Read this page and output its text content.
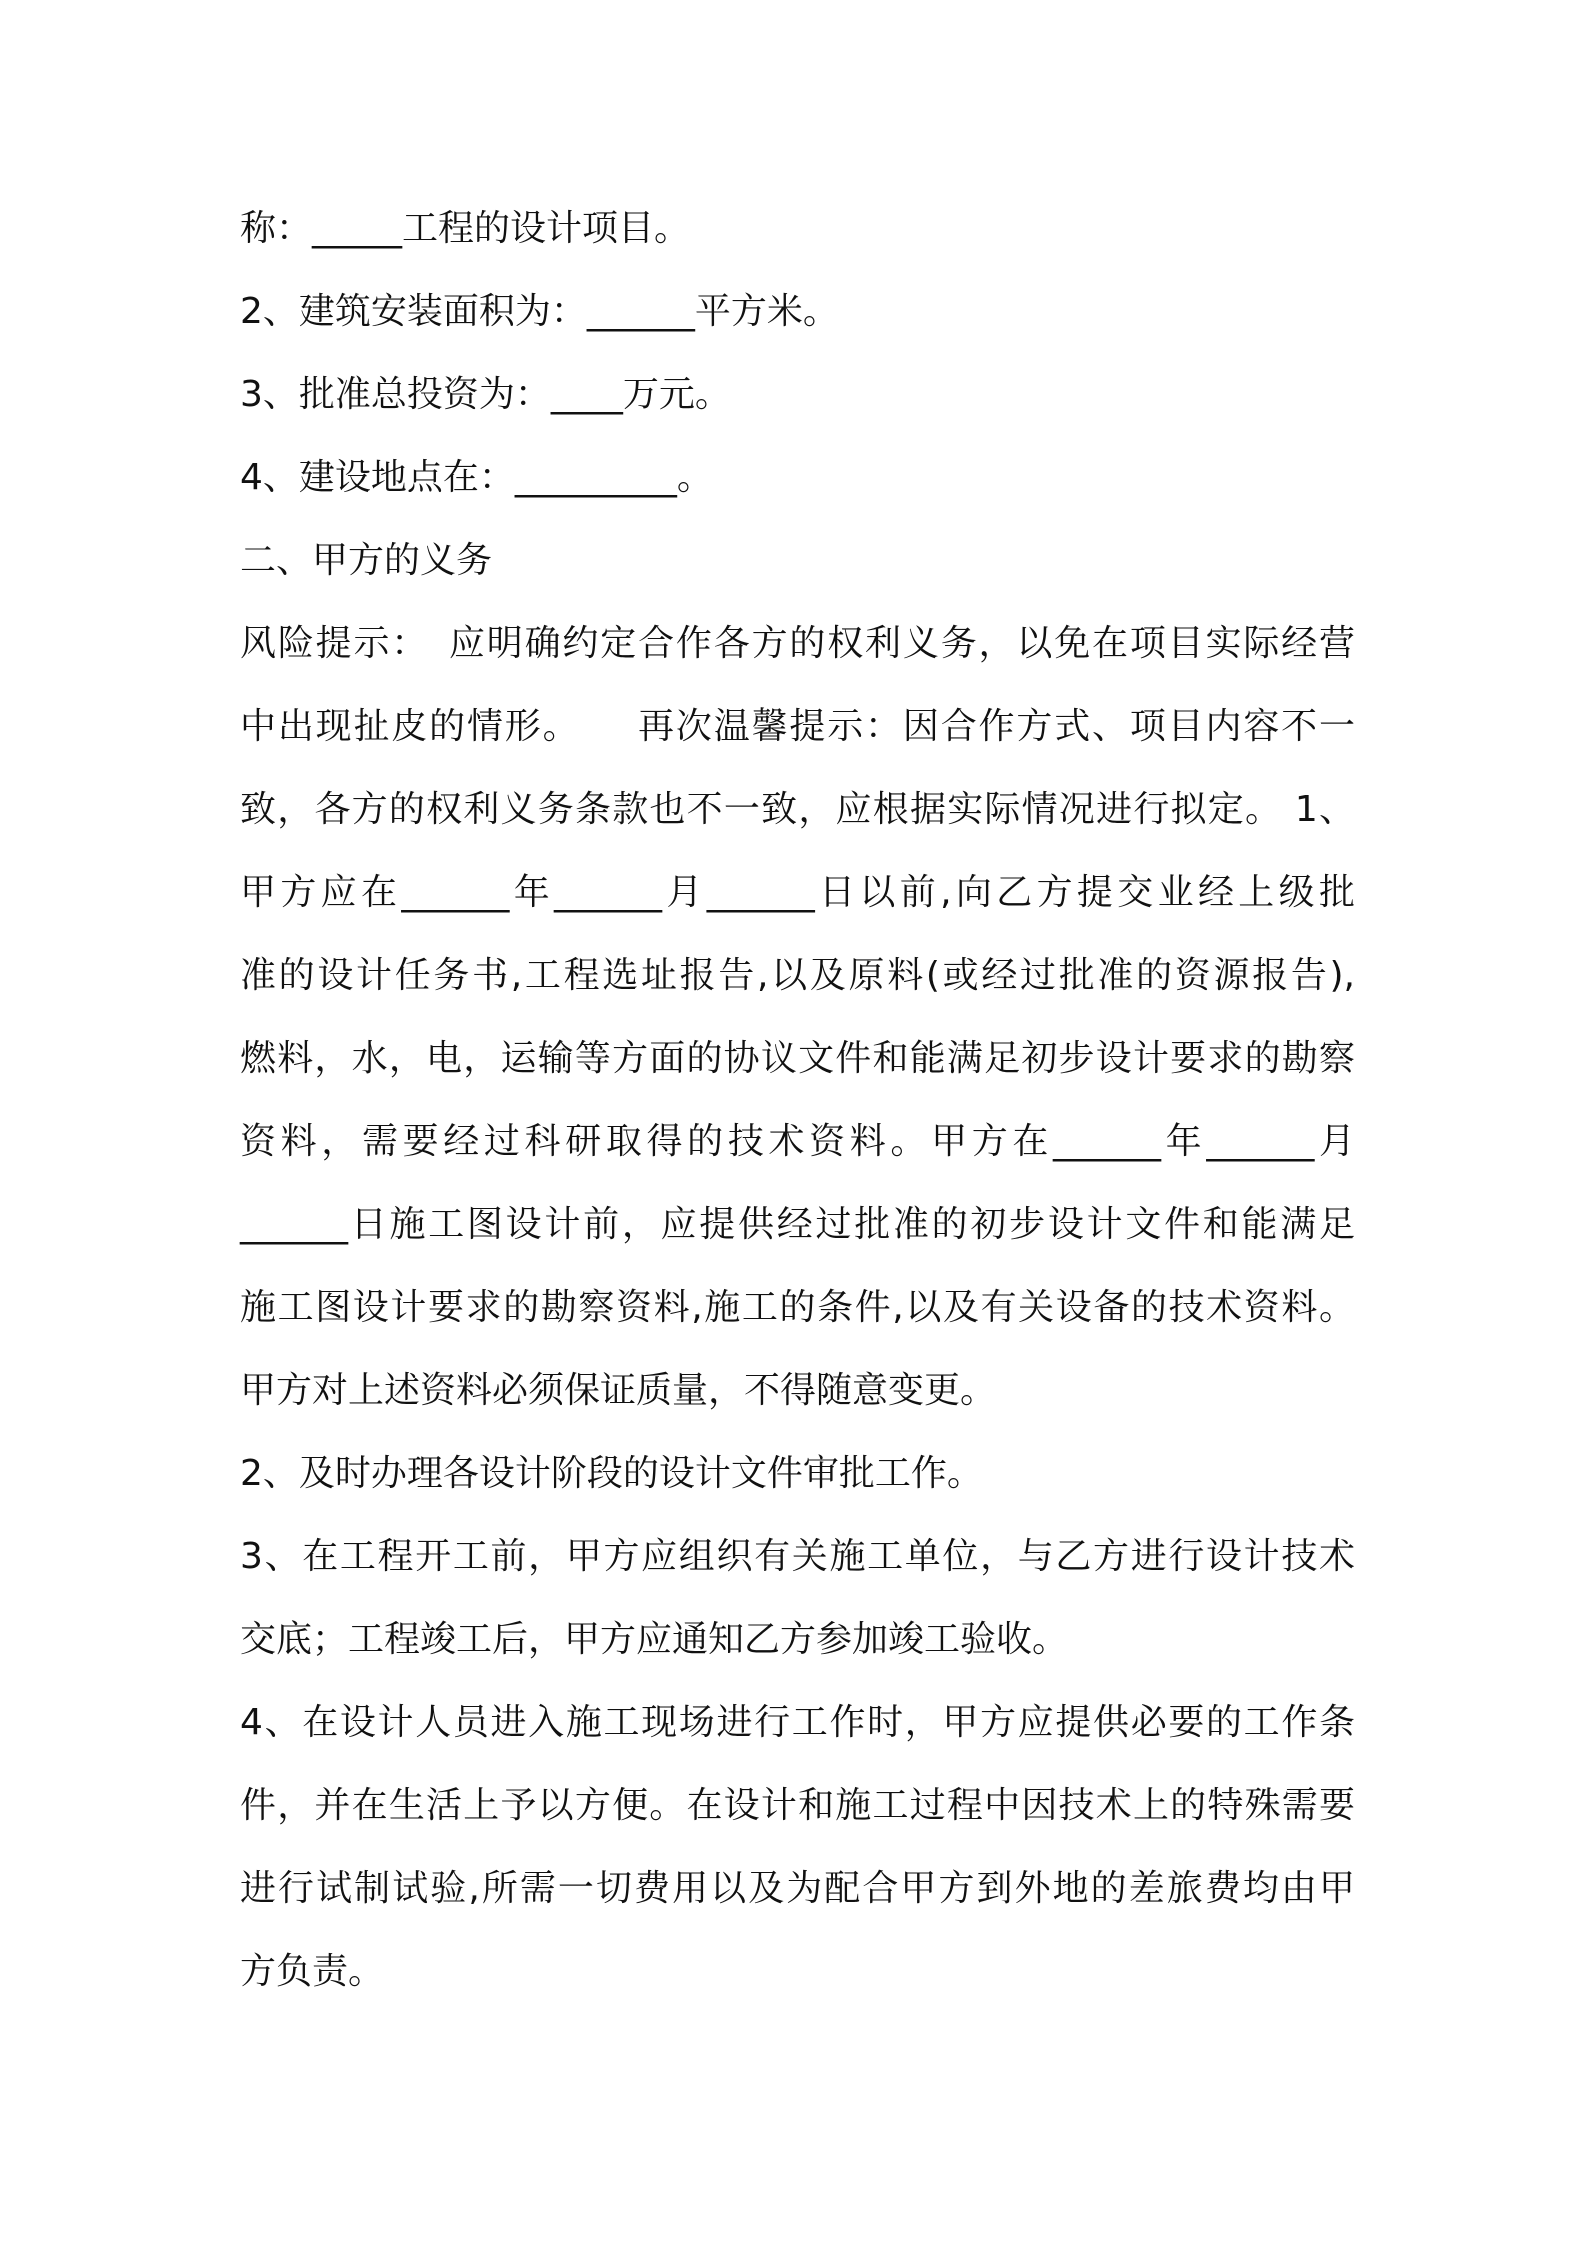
称：_____工程的设计项目。
2、建筑安装面积为：______平方米。
3、批准总投资为：____万元。
4、建设地点在：_________。
二、甲方的义务
风险提示：　应明确约定合作各方的权利义务，以免在项目实际经营
中出现扯皮的情形。　　再次温馨提示：因合作方式、项目内容不一
致，各方的权利义务条款也不一致，应根据实际情况进行拟定。 1、
甲方应在______年______月______日以前,向乙方提交业经上级批
准的设计任务书,工程选址报告,以及原料(或经过批准的资源报告),
燃料，水，电，运输等方面的协议文件和能满足初步设计要求的勘察
资料，需要经过科研取得的技术资料。甲方在______年______月
______日施工图设计前，应提供经过批准的初步设计文件和能满足
施工图设计要求的勘察资料,施工的条件,以及有关设备的技术资料。
甲方对上述资料必须保证质量，不得随意变更。
2、及时办理各设计阶段的设计文件审批工作。
3、在工程开工前，甲方应组织有关施工单位，与乙方进行设计技术
交底；工程竣工后，甲方应通知乙方参加竣工验收。
4、在设计人员进入施工现场进行工作时，甲方应提供必要的工作条
件，并在生活上予以方便。在设计和施工过程中因技术上的特殊需要
进行试制试验,所需一切费用以及为配合甲方到外地的差旅费均由甲
方负责。
